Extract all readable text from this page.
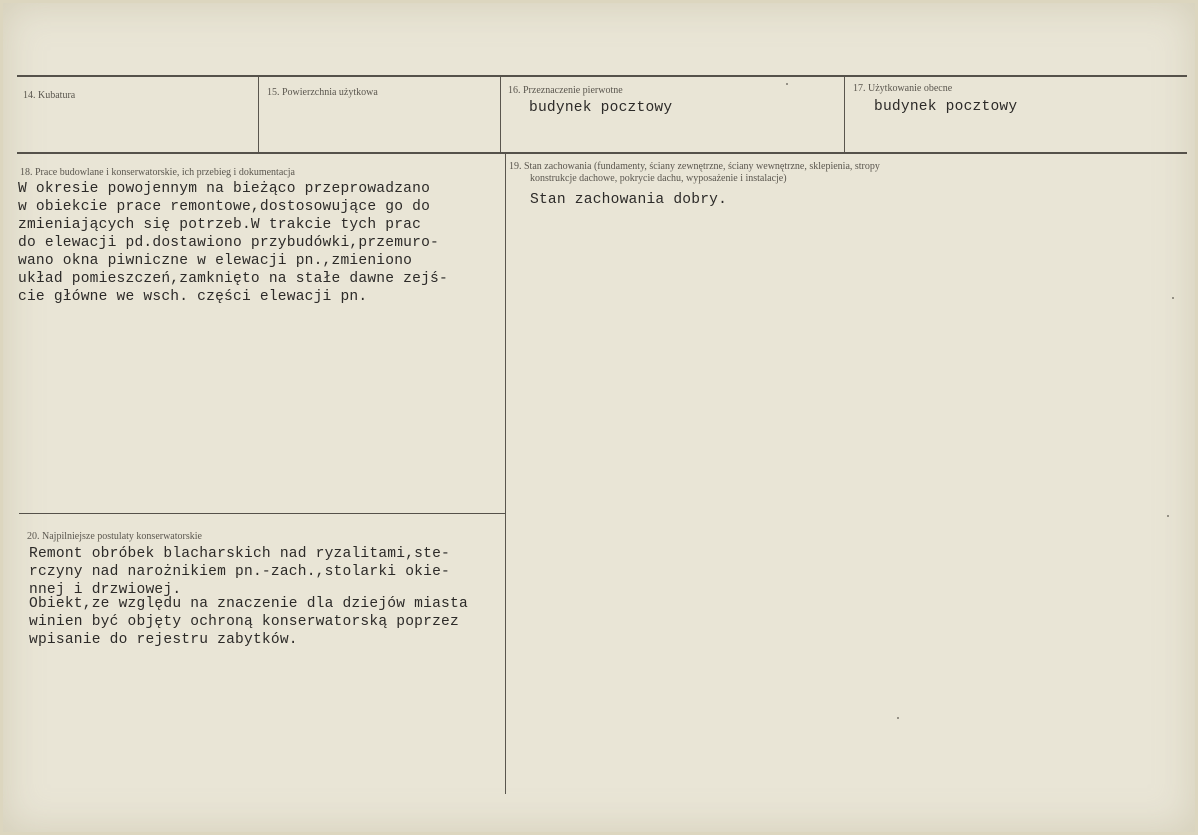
14. Kubatura	15. Powierzchnia użytkowa	16. Przeznaczenie pierwotne
budynek pocztowy
17. Użytkowanie obecne
budynek pocztowy
18. Prace budowlane i konserwatorskie, ich przebieg i dokumentacja
W okresie powojennym na bieżąco przeprowadzano
w obiekcie prace remontowe,dostosowujące go do
zmieniających się potrzeb.W trakcie tych prac
do elewacji pd.dostawiono przybudówki,przemuro-
wano okna piwniczne w elewacji pn.,zmieniono
układ pomieszczeń,zamknięto na stałe dawne zejś-
cie główne we wsch. części elewacji pn.
19. Stan zachowania (fundamenty, ściany zewnętrzne, ściany wewnętrzne, sklepienia, stropy
konstrukcje dachowe, pokrycie dachu, wyposażenie i instalacje)
Stan zachowania dobry.
20. Najpilniejsze postulaty konserwatorskie
Remont obróbek blacharskich nad ryzalitami,ste-
rczyny nad narożnikiem pn.-zach.,stolarki okie-
nnej i drzwiowej.
Obiekt,ze względu na znaczenie dla dziejów miasta
winien być objęty ochroną konserwatorską poprzez
wpisanie do rejestru zabytków.
